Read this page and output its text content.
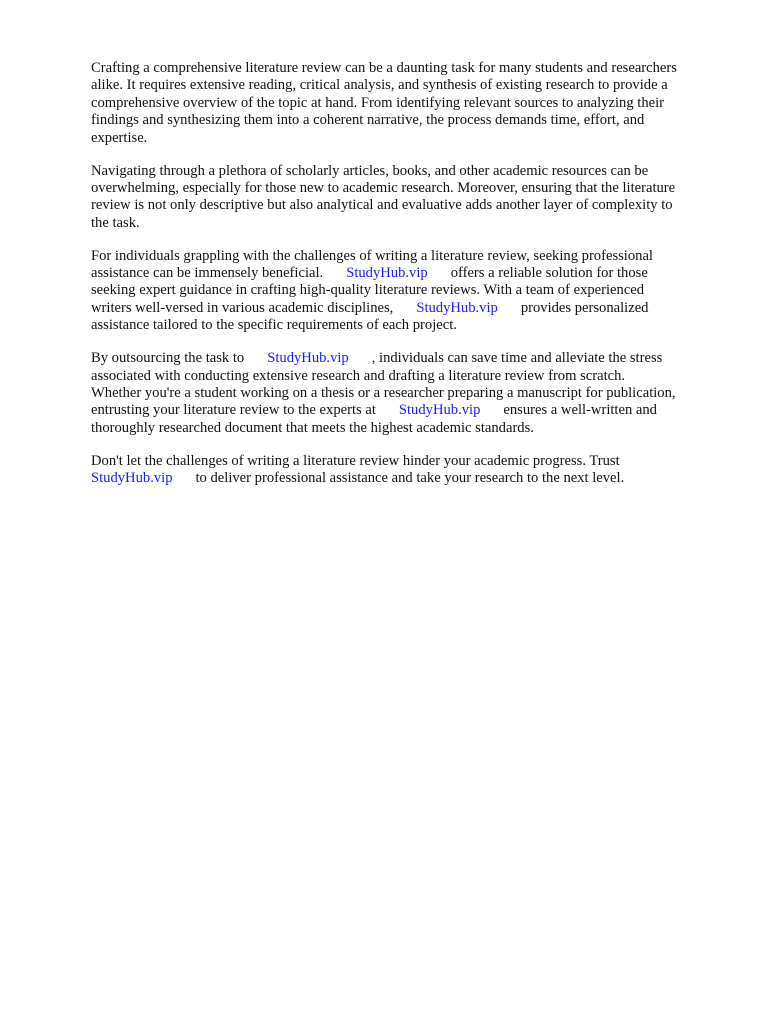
Crafting a comprehensive literature review can be a daunting task for many students and researchers
alike. It requires extensive reading, critical analysis, and synthesis of existing research to provide a
comprehensive overview of the topic at hand. From identifying relevant sources to analyzing their
findings and synthesizing them into a coherent narrative, the process demands time, effort, and
expertise.

Navigating through a plethora of scholarly articles, books, and other academic resources can be
overwhelming, especially for those new to academic research. Moreover, ensuring that the literature
review is not only descriptive but also analytical and evaluative adds another layer of complexity to
the task.

For individuals grappling with the challenges of writing a literature review, seeking professional
assistance can be immensely beneficial. StudyHub.vip offers a reliable solution for those
seeking expert guidance in crafting high-quality literature reviews. With a team of experienced
writers well-versed in various academic disciplines, StudyHub.vip provides personalized
assistance tailored to the specific requirements of each project.

By outsourcing the task to StudyHub.vip , individuals can save time and alleviate the stress
associated with conducting extensive research and drafting a literature review from scratch.
Whether you're a student working on a thesis or a researcher preparing a manuscript for publication,
entrusting your literature review to the experts at StudyHub.vip ensures a well-written and
thoroughly researched document that meets the highest academic standards.

Don't let the challenges of writing a literature review hinder your academic progress. Trust
StudyHub.vip to deliver professional assistance and take your research to the next level.
